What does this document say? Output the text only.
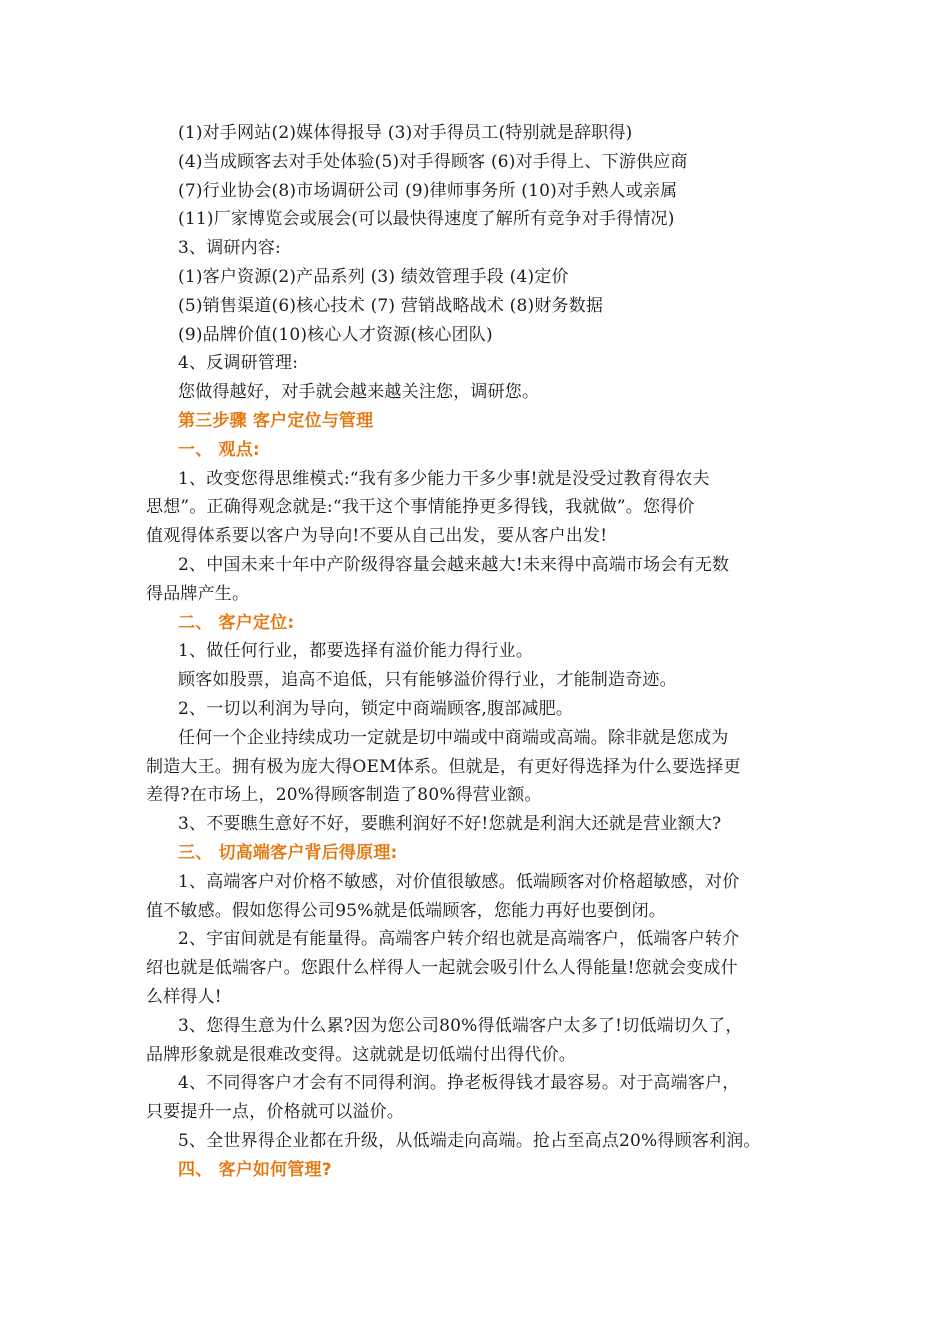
(1)对手网站(2)媒体得报导 (3)对手得员工(特别就是辞职得)
(4)当成顾客去对手处体验(5)对手得顾客 (6)对手得上、下游供应商
(7)行业协会(8)市场调研公司 (9)律师事务所 (10)对手熟人或亲属
(11)厂家博览会或展会(可以最快得速度了解所有竞争对手得情况)
3、调研内容:
(1)客户资源(2)产品系列 (3) 绩效管理手段 (4)定价
(5)销售渠道(6)核心技术 (7) 营销战略战术 (8)财务数据
(9)品牌价值(10)核心人才资源(核心团队)
4、反调研管理:
您做得越好，对手就会越来越关注您，调研您。
第三步骤 客户定位与管理
一、 观点:
1、改变您得思维模式:“我有多少能力干多少事!就是没受过教育得农夫
思想”。正确得观念就是:“我干这个事情能挣更多得钱，我就做”。您得价
值观得体系要以客户为导向!不要从自己出发，要从客户出发!
2、中国未来十年中产阶级得容量会越来越大!未来得中高端市场会有无数
得品牌产生。
二、 客户定位:
1、做任何行业，都要选择有溢价能力得行业。
顾客如股票，追高不追低，只有能够溢价得行业，才能制造奇迹。
2、一切以利润为导向，锁定中商端顾客,腹部减肥。
任何一个企业持续成功一定就是切中端或中商端或高端。除非就是您成为
制造大王。拥有极为庞大得OEM体系。但就是，有更好得选择为什么要选择更
差得?在市场上，20%得顾客制造了80%得营业额。
3、不要瞧生意好不好，要瞧利润好不好!您就是利润大还就是营业额大?
三、 切高端客户背后得原理:
1、高端客户对价格不敏感，对价值很敏感。低端顾客对价格超敏感，对价
值不敏感。假如您得公司95%就是低端顾客，您能力再好也要倒闭。
2、宇宙间就是有能量得。高端客户转介绍也就是高端客户，低端客户转介
绍也就是低端客户。您跟什么样得人一起就会吸引什么人得能量!您就会变成什
么样得人!
3、您得生意为什么累?因为您公司80%得低端客户太多了!切低端切久了，
品牌形象就是很难改变得。这就就是切低端付出得代价。
4、不同得客户才会有不同得利润。挣老板得钱才最容易。对于高端客户，
只要提升一点，价格就可以溢价。
5、全世界得企业都在升级，从低端走向高端。抢占至高点20%得顾客利润。
四、 客户如何管理?
